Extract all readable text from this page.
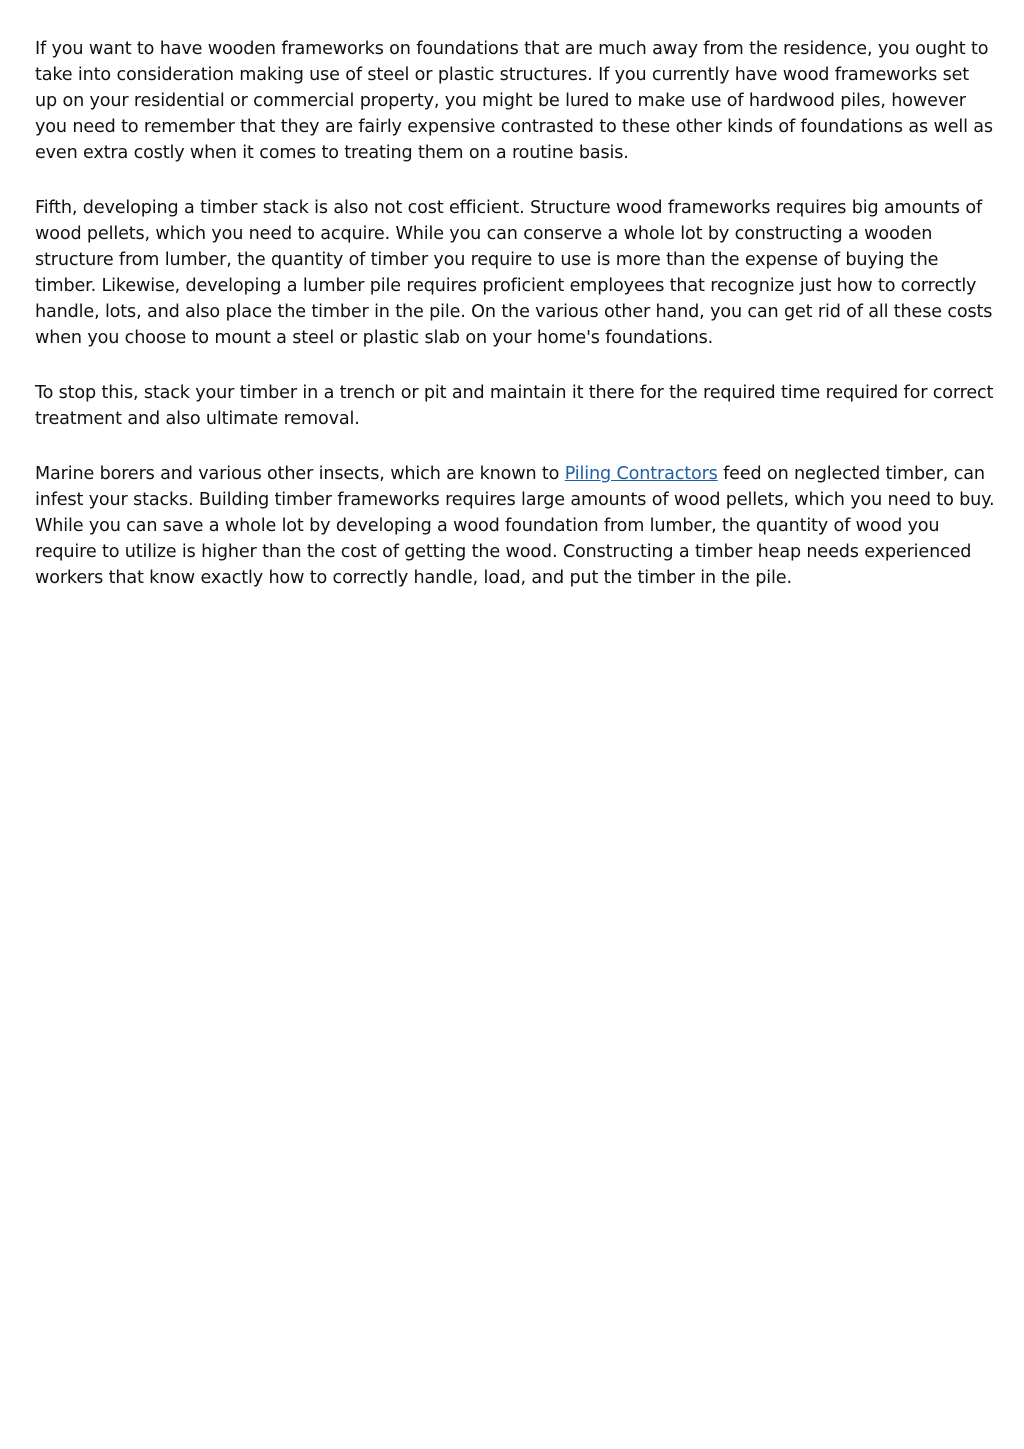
If you want to have wooden frameworks on foundations that are much away from the residence, you ought to take into consideration making use of steel or plastic structures. If you currently have wood frameworks set up on your residential or commercial property, you might be lured to make use of hardwood piles, however you need to remember that they are fairly expensive contrasted to these other kinds of foundations as well as even extra costly when it comes to treating them on a routine basis.

Fifth, developing a timber stack is also not cost efficient. Structure wood frameworks requires big amounts of wood pellets, which you need to acquire. While you can conserve a whole lot by constructing a wooden structure from lumber, the quantity of timber you require to use is more than the expense of buying the timber. Likewise, developing a lumber pile requires proficient employees that recognize just how to correctly handle, lots, and also place the timber in the pile. On the various other hand, you can get rid of all these costs when you choose to mount a steel or plastic slab on your home's foundations.

To stop this, stack your timber in a trench or pit and maintain it there for the required time required for correct treatment and also ultimate removal.

Marine borers and various other insects, which are known to Piling Contractors feed on neglected timber, can infest your stacks. Building timber frameworks requires large amounts of wood pellets, which you need to buy. While you can save a whole lot by developing a wood foundation from lumber, the quantity of wood you require to utilize is higher than the cost of getting the wood. Constructing a timber heap needs experienced workers that know exactly how to correctly handle, load, and put the timber in the pile.
